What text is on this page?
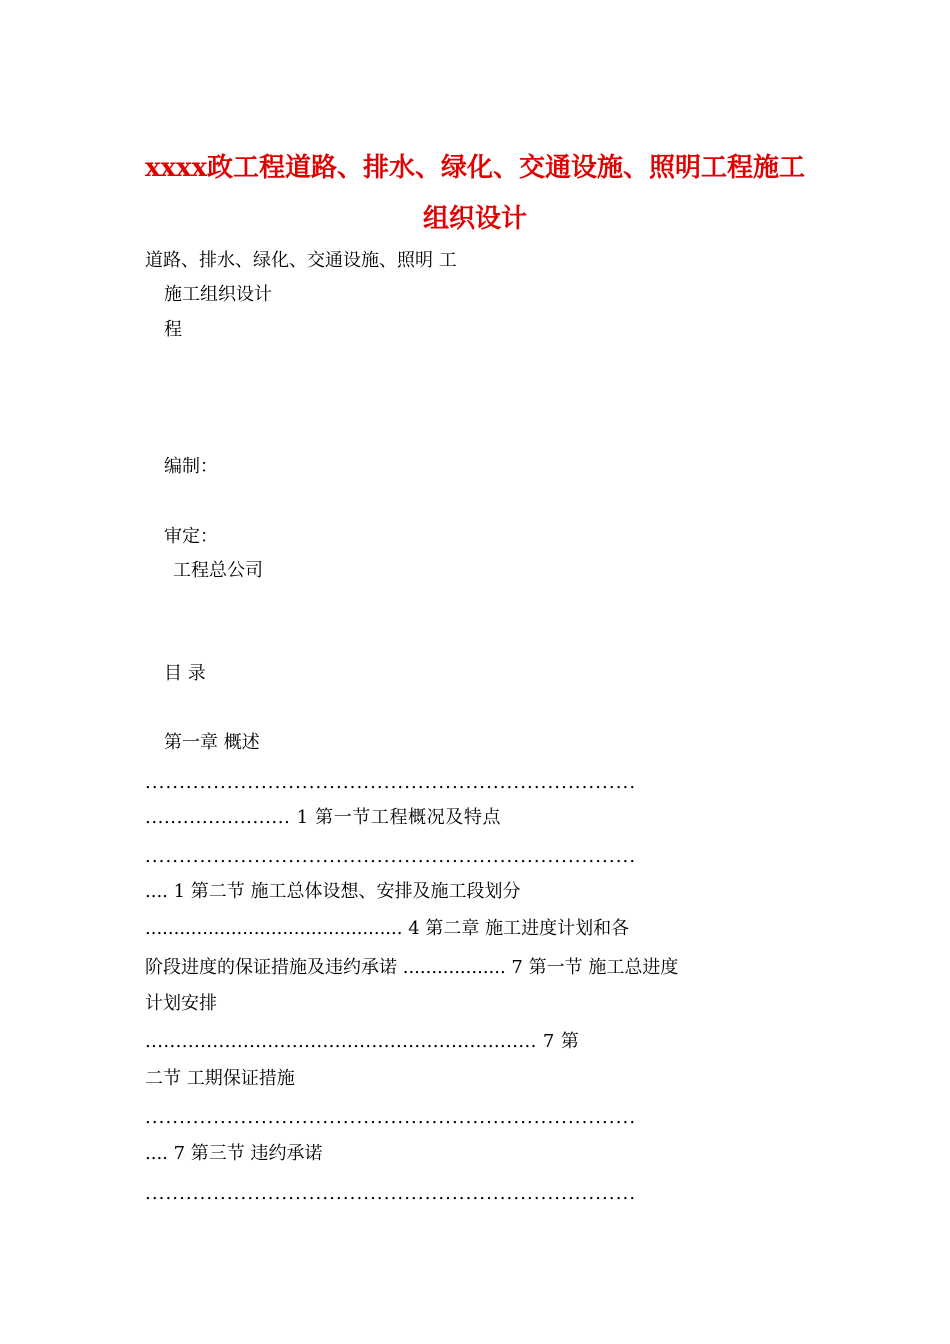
xxxx政工程道路、排水、绿化、交通设施、照明工程施工
组织设计
道路、排水、绿化、交通设施、照明 工
施工组织设计
程
编制：
审定：
工程总公司
目 录
第一章 概述
........................................................................
....................... 1 第一节工程概况及特点
........................................................................
.... 1 第二节 施工总体设想、安排及施工段划分
............................................. 4 第二章 施工进度计划和各
阶段进度的保证措施及违约承诺 .................. 7 第一节 施工总进度
计划安排
................................................................ 7 第
二节 工期保证措施
........................................................................
.... 7 第三节 违约承诺
........................................................................
